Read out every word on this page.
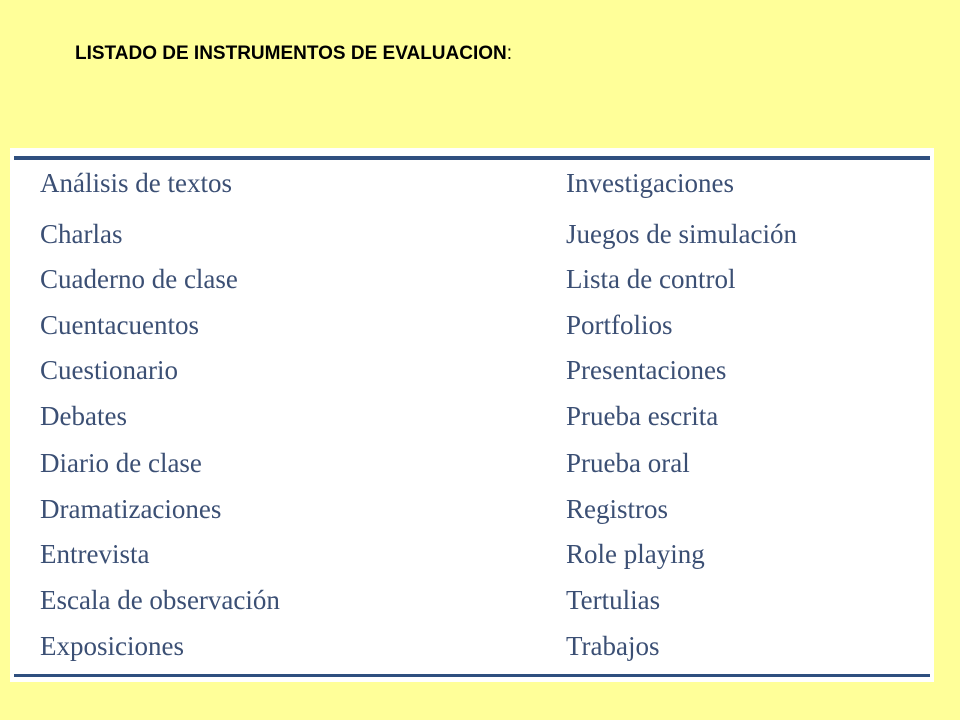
LISTADO DE INSTRUMENTOS DE EVALUACION:
Análisis de textos	Investigaciones
Charlas	Juegos de simulación
Cuaderno de clase	Lista de control
Cuentacuentos	Portfolios
Cuestionario	Presentaciones
Debates	Prueba escrita
Diario de clase	Prueba oral
Dramatizaciones	Registros
Entrevista	Role playing
Escala de observación	Tertulias
Exposiciones	Trabajos
